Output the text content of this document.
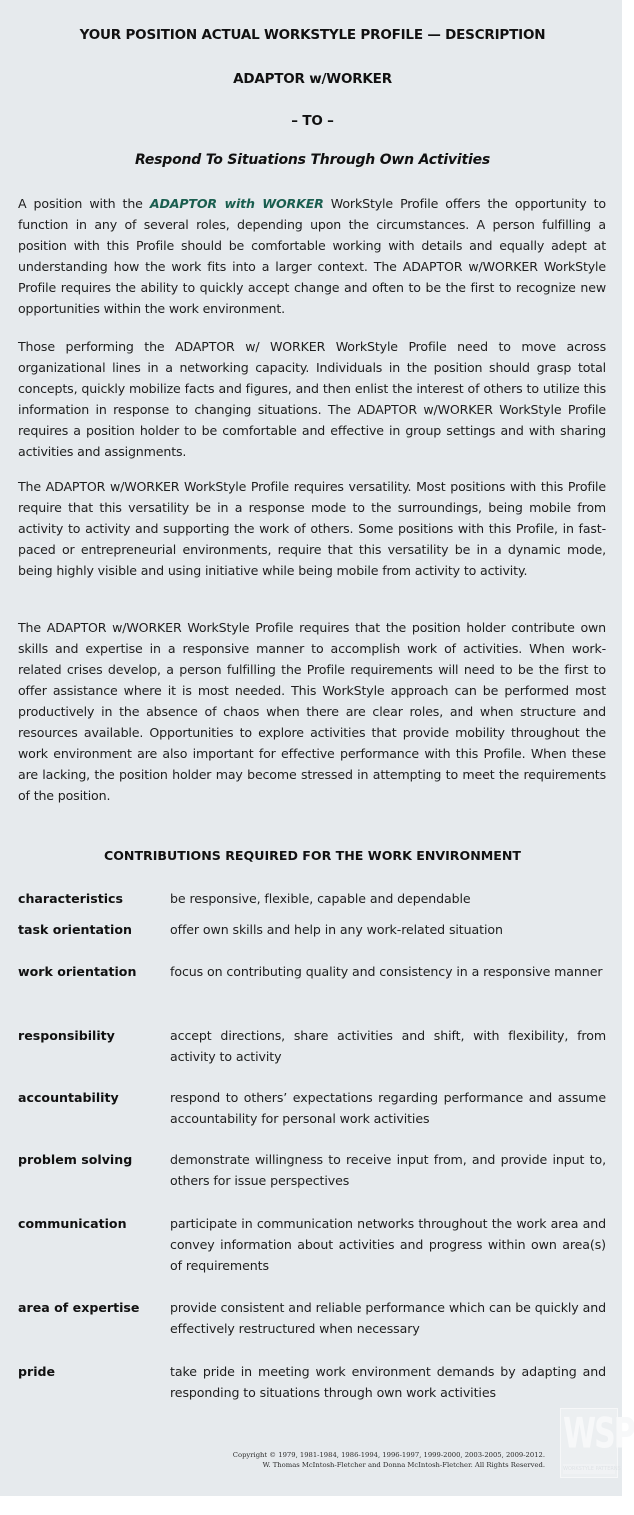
YOUR POSITION ACTUAL WORKSTYLE PROFILE — DESCRIPTION
ADAPTOR w/WORKER
– TO –
Respond To Situations Through Own Activities

A position with the ADAPTOR with WORKER WorkStyle Profile offers the opportunity to function in any of several roles, depending upon the circumstances. A person fulfilling a position with this Profile should be comfortable working with details and equally adept at understanding how the work fits into a larger context. The ADAPTOR w/WORKER WorkStyle Profile requires the ability to quickly accept change and often to be the first to recognize new opportunities within the work environment.

Those performing the ADAPTOR w/ WORKER WorkStyle Profile need to move across organizational lines in a networking capacity. Individuals in the position should grasp total concepts, quickly mobilize facts and figures, and then enlist the interest of others to utilize this information in response to changing situations. The ADAPTOR w/WORKER WorkStyle Profile requires a position holder to be comfortable and effective in group settings and with sharing activities and assignments.

The ADAPTOR w/WORKER WorkStyle Profile requires versatility. Most positions with this Profile require that this versatility be in a response mode to the surroundings, being mobile from activity to activity and supporting the work of others. Some positions with this Profile, in fast-paced or entrepreneurial environments, require that this versatility be in a dynamic mode, being highly visible and using initiative while being mobile from activity to activity.

The ADAPTOR w/WORKER WorkStyle Profile requires that the position holder contribute own skills and expertise in a responsive manner to accomplish work of activities. When work-related crises develop, a person fulfilling the Profile requirements will need to be the first to offer assistance where it is most needed. This WorkStyle approach can be performed most productively in the absence of chaos when there are clear roles, and when structure and resources available. Opportunities to explore activities that provide mobility throughout the work environment are also important for effective performance with this Profile. When these are lacking, the position holder may become stressed in attempting to meet the requirements of the position.

CONTRIBUTIONS REQUIRED FOR THE WORK ENVIRONMENT
characteristics	be responsive, flexible, capable and dependable
task orientation	offer own skills and help in any work-related situation
work orientation	focus on contributing quality and consistency in a responsive manner
responsibility	accept directions, share activities and shift, with flexibility, from activity to activity
accountability	respond to others’ expectations regarding performance and assume accountability for personal work activities
problem solving	demonstrate willingness to receive input from, and provide input to, others for issue perspectives
communication	participate in communication networks throughout the work area and convey information about activities and progress within own area(s) of requirements
area of expertise	provide consistent and reliable performance which can be quickly and effectively restructured when necessary
pride	take pride in meeting work environment demands by adapting and responding to situations through own work activities
Copyright © 1979, 1981-1984, 1986-1994, 1996-1997, 1999-2000, 2003-2005, 2009-2012.
W. Thomas McIntosh-Fletcher and Donna McIntosh-Fletcher. All Rights Reserved.
WSP
WORKSTYLE PATTERNS
